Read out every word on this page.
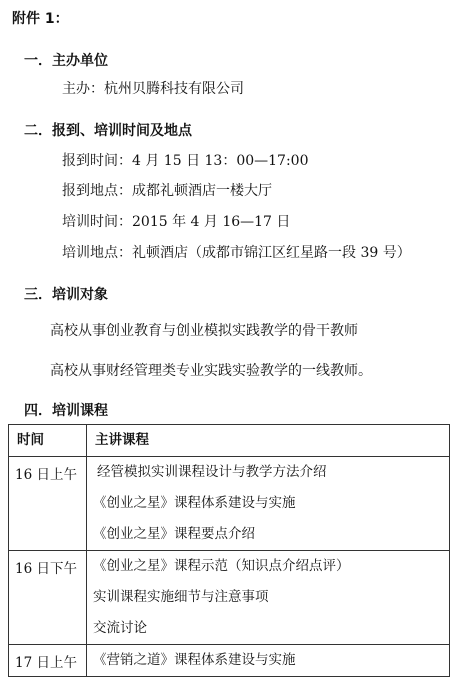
附件 1：
一．主办单位
主办：杭州贝腾科技有限公司
二．报到、培训时间及地点
报到时间：4 月 15 日 13：00—17:00
报到地点：成都礼顿酒店一楼大厅
培训时间：2015 年 4 月 16—17 日
培训地点：礼顿酒店（成都市锦江区红星路一段 39 号）
三．培训对象
高校从事创业教育与创业模拟实践教学的骨干教师
高校从事财经管理类专业实践实验教学的一线教师。
四．培训课程
时间	主讲课程
16 日上午	经管模拟实训课程设计与教学方法介绍
《创业之星》课程体系建设与实施
《创业之星》课程要点介绍

16 日下午	《创业之星》课程示范（知识点介绍点评）
实训课程实施细节与注意事项
交流讨论

17 日上午	《营销之道》课程体系建设与实施
